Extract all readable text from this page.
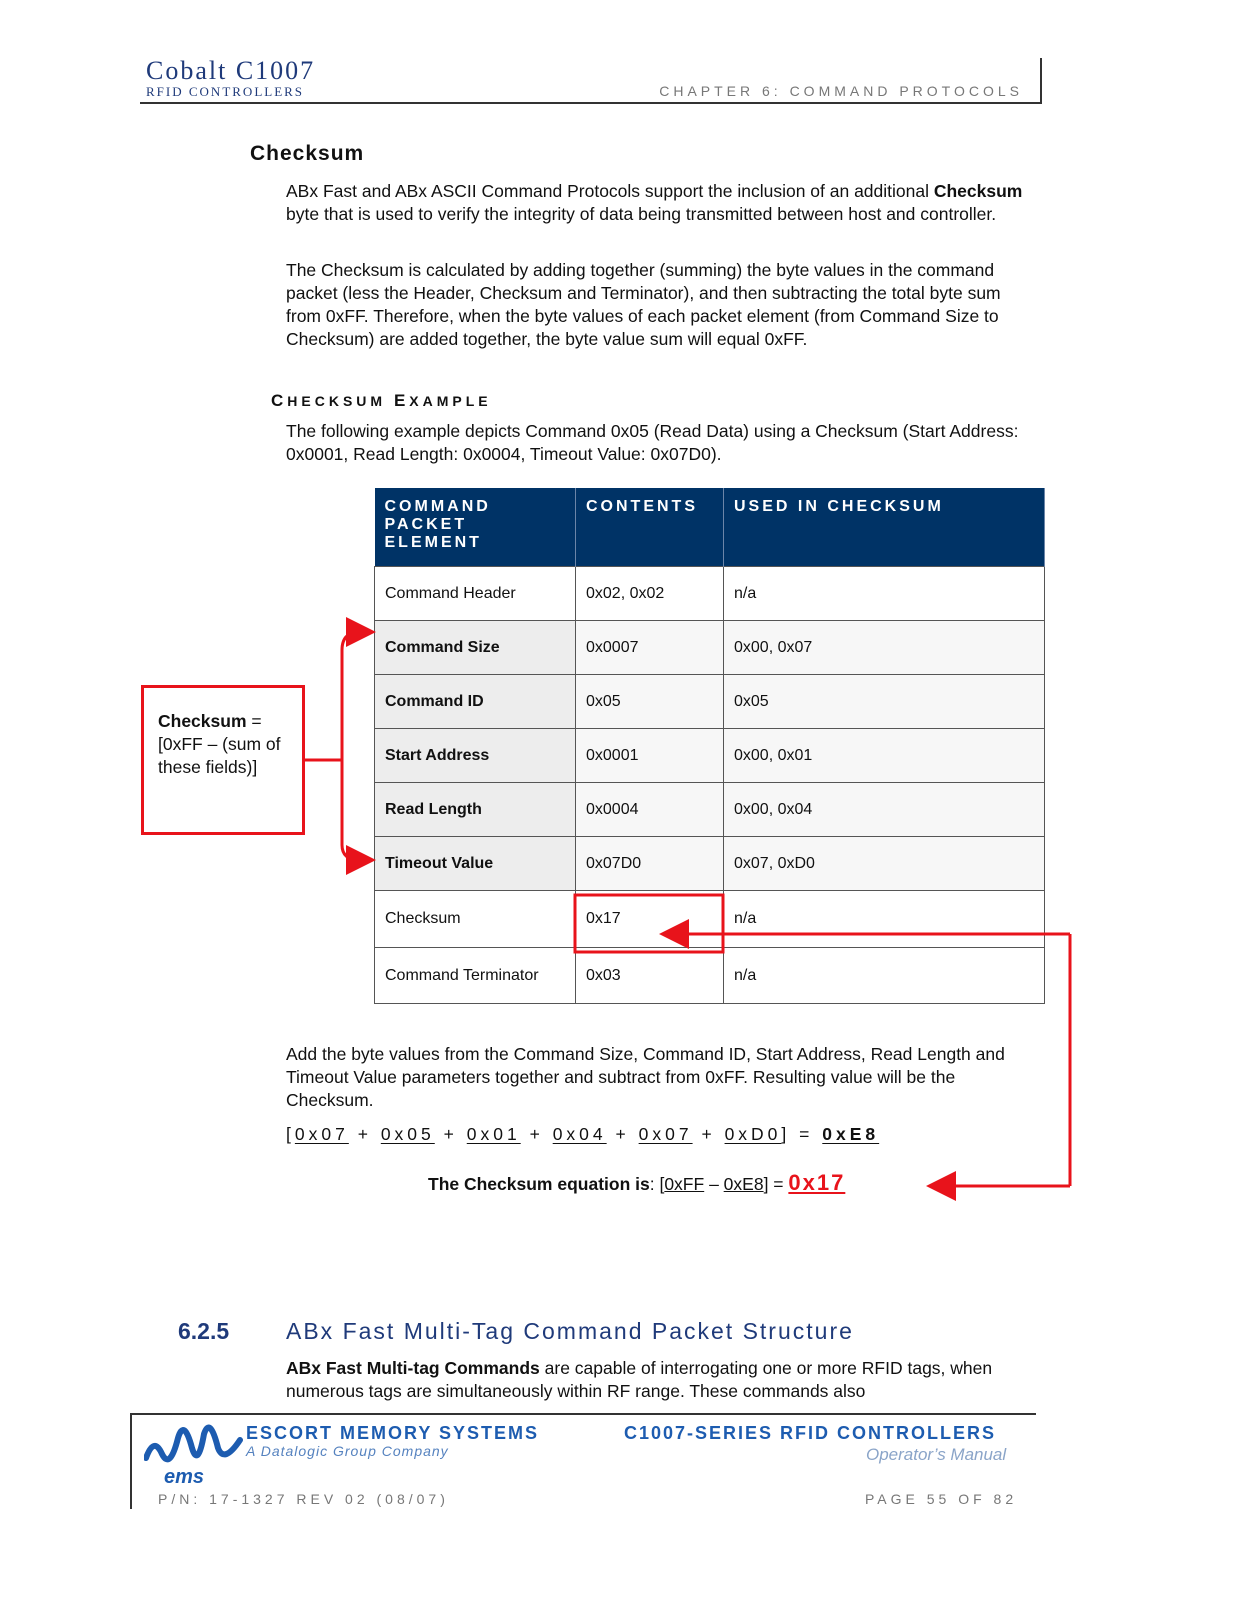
Cobalt C1007
RFID CONTROLLERS	CHAPTER 6: COMMAND PROTOCOLS
Checksum
ABx Fast and ABx ASCII Command Protocols support the inclusion of an additional Checksum byte that is used to verify the integrity of data being transmitted between host and controller.
The Checksum is calculated by adding together (summing) the byte values in the command packet (less the Header, Checksum and Terminator), and then subtracting the total byte sum from 0xFF. Therefore, when the byte values of each packet element (from Command Size to Checksum) are added together, the byte value sum will equal 0xFF.
CHECKSUM EXAMPLE
The following example depicts Command 0x05 (Read Data) using a Checksum (Start Address: 0x0001, Read Length: 0x0004, Timeout Value: 0x07D0).
COMMAND PACKET ELEMENT	CONTENTS	USED IN CHECKSUM
Command Header	0x02, 0x02	n/a
Command Size	0x0007	0x00, 0x07
Command ID	0x05	0x05
Start Address	0x0001	0x00, 0x01
Read Length	0x0004	0x00, 0x04
Timeout Value	0x07D0	0x07, 0xD0
Checksum	0x17	n/a
Command Terminator	0x03	n/a
Checksum = [0xFF – (sum of these fields)]
Add the byte values from the Command Size, Command ID, Start Address, Read Length and Timeout Value parameters together and subtract from 0xFF. Resulting value will be the Checksum.
[0x07 + 0x05 + 0x01 + 0x04 + 0x07 + 0xD0] = 0xE8
The Checksum equation is: [0xFF – 0xE8] = 0x17
6.2.5 ABx Fast Multi-Tag Command Packet Structure
ABx Fast Multi-tag Commands are capable of interrogating one or more RFID tags, when numerous tags are simultaneously within RF range. These commands also
ems
ESCORT MEMORY SYSTEMS
A Datalogic Group Company
C1007-SERIES RFID CONTROLLERS
Operator’s Manual
P/N: 17-1327 REV 02 (08/07)	PAGE 55 OF 82
